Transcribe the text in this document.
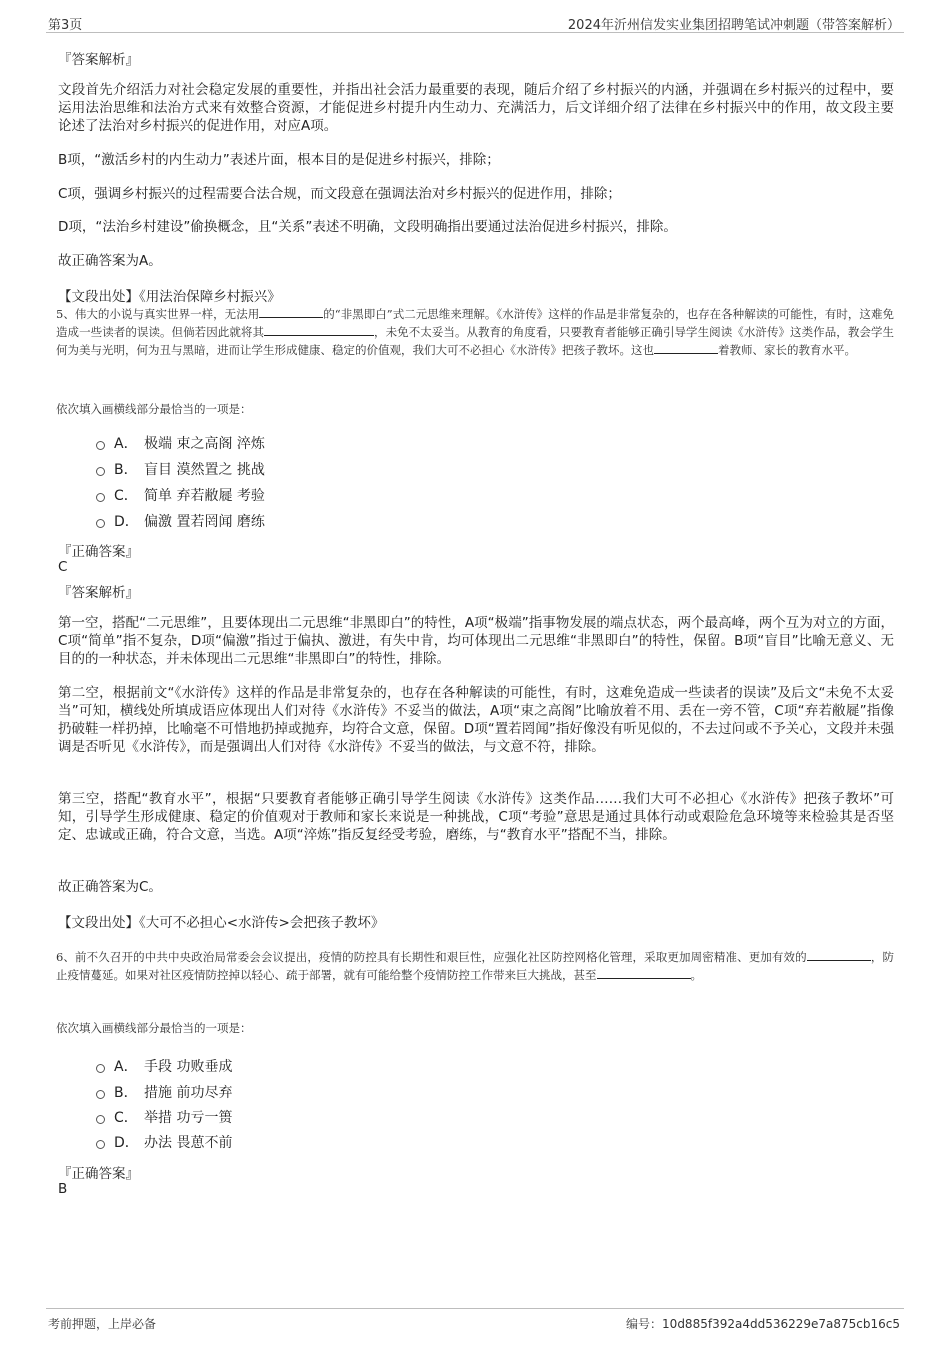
第3页	2024年沂州信发实业集团招聘笔试冲刺题（带答案解析）
『答案解析』
文段首先介绍活力对社会稳定发展的重要性，并指出社会活力最重要的表现，随后介绍了乡村振兴的内涵，并强调在乡村振兴的过程中，要运用法治思维和法治方式来有效整合资源，才能促进乡村提升内生动力、充满活力，后文详细介绍了法律在乡村振兴中的作用，故文段主要论述了法治对乡村振兴的促进作用，对应A项。
B项，“激活乡村的内生动力”表述片面，根本目的是促进乡村振兴，排除；
C项，强调乡村振兴的过程需要合法合规，而文段意在强调法治对乡村振兴的促进作用，排除；
D项，“法治乡村建设”偷换概念，且“关系”表述不明确，文段明确指出要通过法治促进乡村振兴，排除。
故正确答案为A。
【文段出处】《用法治保障乡村振兴》
5、伟大的小说与真实世界一样，无法用	的“非黑即白”式二元思维来理解。《水浒传》这样的作品是非常复杂的，也存在各种解读的可能性，有时，这难免造成一些读者的误读。但倘若因此就将其	，未免不太妥当。从教育的角度看，只要教育者能够正确引导学生阅读《水浒传》这类作品，教会学生何为美与光明，何为丑与黑暗，进而让学生形成健康、稳定的价值观，我们大可不必担心《水浒传》把孩子教坏。这也	着教师、家长的教育水平。
依次填入画横线部分最恰当的一项是：
A． 极端 束之高阁 淬炼
B． 盲目 漠然置之 挑战
C． 简单 弃若敝屣 考验
D． 偏激 置若罔闻 磨练
『正确答案』
C
『答案解析』
第一空，搭配“二元思维”，且要体现出二元思维“非黑即白”的特性，A项“极端”指事物发展的端点状态，两个最高峰，两个互为对立的方面，C项“简单”指不复杂，D项“偏激”指过于偏执、激进，有失中肯，均可体现出二元思维“非黑即白”的特性，保留。B项“盲目”比喻无意义、无目的的一种状态，并未体现出二元思维“非黑即白”的特性，排除。
第二空，根据前文“《水浒传》这样的作品是非常复杂的，也存在各种解读的可能性，有时，这难免造成一些读者的误读”及后文“未免不太妥当”可知，横线处所填成语应体现出人们对待《水浒传》不妥当的做法，A项“束之高阁”比喻放着不用、丢在一旁不管，C项“弃若敝屣”指像扔破鞋一样扔掉，比喻毫不可惜地扔掉或抛弃，均符合文意，保留。D项“置若罔闻”指好像没有听见似的，不去过问或不予关心，文段并未强调是否听见《水浒传》，而是强调出人们对待《水浒传》不妥当的做法，与文意不符，排除。
第三空，搭配“教育水平”，根据“只要教育者能够正确引导学生阅读《水浒传》这类作品……我们大可不必担心《水浒传》把孩子教坏”可知，引导学生形成健康、稳定的价值观对于教师和家长来说是一种挑战，C项“考验”意思是通过具体行动或艰险危急环境等来检验其是否坚定、忠诚或正确，符合文意，当选。A项“淬炼”指反复经受考验，磨练，与“教育水平”搭配不当，排除。
故正确答案为C。
【文段出处】《大可不必担心<水浒传>会把孩子教坏》
6、前不久召开的中共中央政治局常委会会议提出，疫情的防控具有长期性和艰巨性，应强化社区防控网格化管理，采取更加周密精准、更加有效的	，防止疫情蔓延。如果对社区疫情防控掉以轻心、疏于部署，就有可能给整个疫情防控工作带来巨大挑战，甚至	。
依次填入画横线部分最恰当的一项是：
A． 手段 功败垂成
B． 措施 前功尽弃
C． 举措 功亏一篑
D． 办法 畏葸不前
『正确答案』
B
考前押题，上岸必备	编号：10d885f392a4dd536229e7a875cb16c5
